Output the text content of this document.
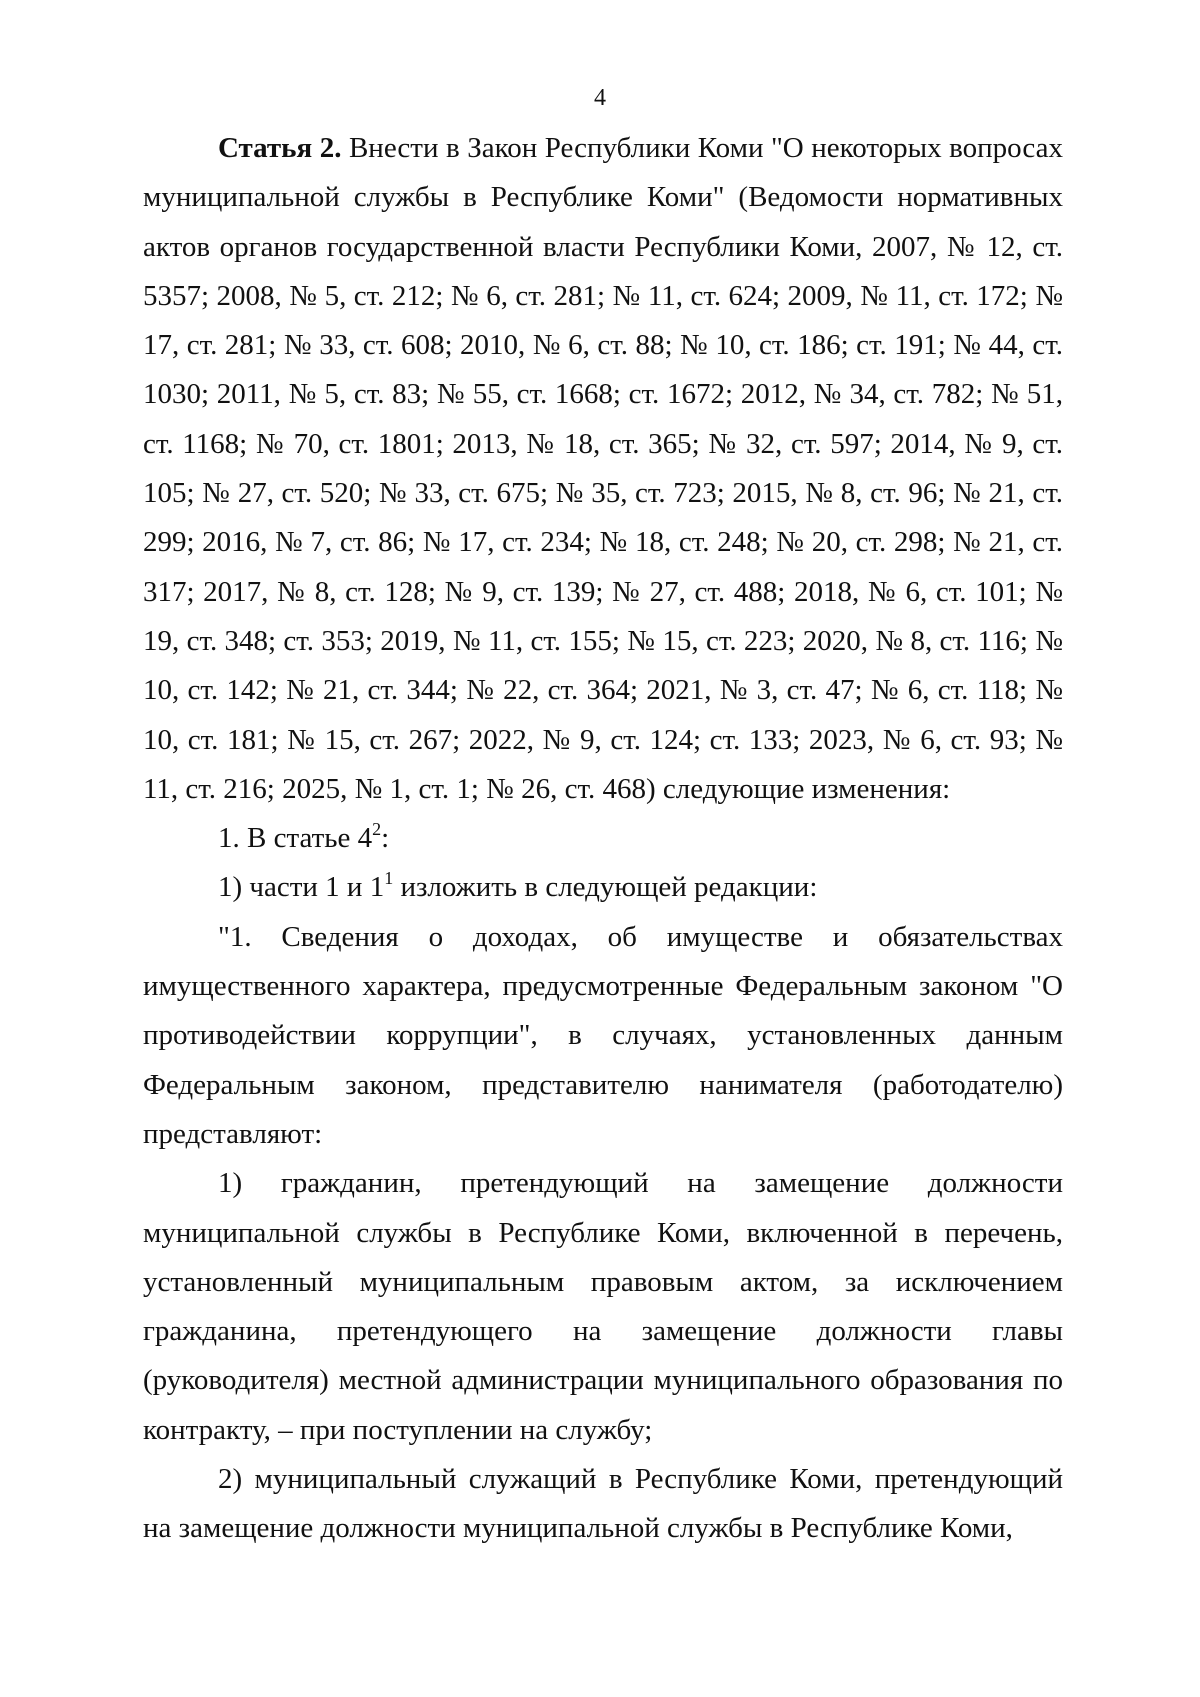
4

Статья 2. Внести в Закон Республики Коми "О некоторых вопросах муниципальной службы в Республике Коми" (Ведомости нормативных актов органов государственной власти Республики Коми, 2007, № 12, ст. 5357; 2008, № 5, ст. 212; № 6, ст. 281; № 11, ст. 624; 2009, № 11, ст. 172; № 17, ст. 281; № 33, ст. 608; 2010, № 6, ст. 88; № 10, ст. 186; ст. 191; № 44, ст. 1030; 2011, № 5, ст. 83; № 55, ст. 1668; ст. 1672; 2012, № 34, ст. 782; № 51, ст. 1168; № 70, ст. 1801; 2013, № 18, ст. 365; № 32, ст. 597; 2014, № 9, ст. 105; № 27, ст. 520; № 33, ст. 675; № 35, ст. 723; 2015, № 8, ст. 96; № 21, ст. 299; 2016, № 7, ст. 86; № 17, ст. 234; № 18, ст. 248; № 20, ст. 298; № 21, ст. 317; 2017, № 8, ст. 128; № 9, ст. 139; № 27, ст. 488; 2018, № 6, ст. 101; № 19, ст. 348; ст. 353; 2019, № 11, ст. 155; № 15, ст. 223; 2020, № 8, ст. 116; № 10, ст. 142; № 21, ст. 344; № 22, ст. 364; 2021, № 3, ст. 47; № 6, ст. 118; № 10, ст. 181; № 15, ст. 267; 2022, № 9, ст. 124; ст. 133; 2023, № 6, ст. 93; № 11, ст. 216; 2025, № 1, ст. 1; № 26, ст. 468) следующие изменения:

1. В статье $4^2$:

1) части 1 и $1^1$ изложить в следующей редакции:

"1. Сведения о доходах, об имуществе и обязательствах имущественного характера, предусмотренные Федеральным законом "О противодействии коррупции", в случаях, установленных данным Федеральным законом, представителю нанимателя (работодателю) представляют:

1) гражданин, претендующий на замещение должности муниципальной службы в Республике Коми, включенной в перечень, установленный муниципальным правовым актом, за исключением гражданина, претендующего на замещение должности главы (руководителя) местной администрации муниципального образования по контракту, – при поступлении на службу;

2) муниципальный служащий в Республике Коми, претендующий на замещение должности муниципальной службы в Республике Коми,
